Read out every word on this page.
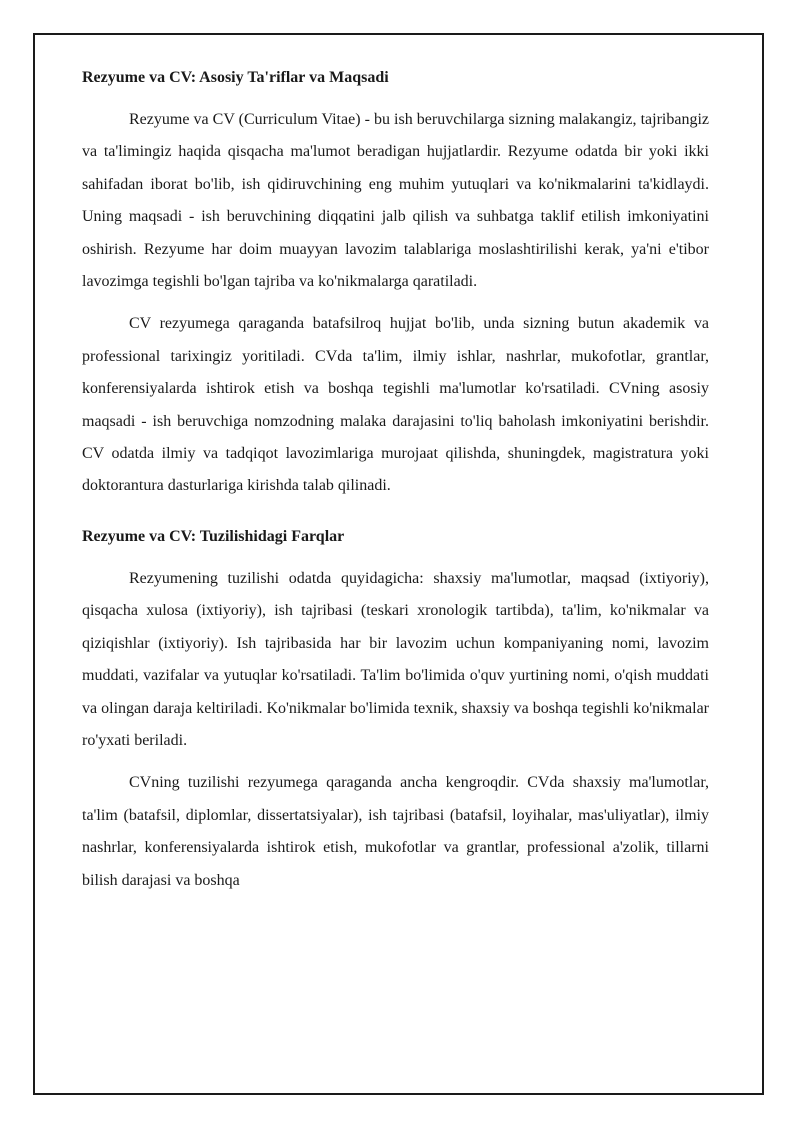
Rezyume va CV: Asosiy Ta'riflar va Maqsadi

Rezyume va CV (Curriculum Vitae) - bu ish beruvchilarga sizning malakangiz, tajribangiz va ta'limingiz haqida qisqacha ma'lumot beradigan hujjatlardir. Rezyume odatda bir yoki ikki sahifadan iborat bo'lib, ish qidiruvchining eng muhim yutuqlari va ko'nikmalarini ta'kidlaydi. Uning maqsadi - ish beruvchining diqqatini jalb qilish va suhbatga taklif etilish imkoniyatini oshirish. Rezyume har doim muayyan lavozim talablariga moslashtirilishi kerak, ya'ni e'tibor lavozimga tegishli bo'lgan tajriba va ko'nikmalarga qaratiladi.

CV rezyumega qaraganda batafsilroq hujjat bo'lib, unda sizning butun akademik va professional tarixingiz yoritiladi. CVda ta'lim, ilmiy ishlar, nashrlar, mukofotlar, grantlar, konferensiyalarda ishtirok etish va boshqa tegishli ma'lumotlar ko'rsatiladi. CVning asosiy maqsadi - ish beruvchiga nomzodning malaka darajasini to'liq baholash imkoniyatini berishdir. CV odatda ilmiy va tadqiqot lavozimlariga murojaat qilishda, shuningdek, magistratura yoki doktorantura dasturlariga kirishda talab qilinadi.

Rezyume va CV: Tuzilishidagi Farqlar

Rezyumening tuzilishi odatda quyidagicha: shaxsiy ma'lumotlar, maqsad (ixtiyoriy), qisqacha xulosa (ixtiyoriy), ish tajribasi (teskari xronologik tartibda), ta'lim, ko'nikmalar va qiziqishlar (ixtiyoriy). Ish tajribasida har bir lavozim uchun kompaniyaning nomi, lavozim muddati, vazifalar va yutuqlar ko'rsatiladi. Ta'lim bo'limida o'quv yurtining nomi, o'qish muddati va olingan daraja keltiriladi. Ko'nikmalar bo'limida texnik, shaxsiy va boshqa tegishli ko'nikmalar ro'yxati beriladi.

CVning tuzilishi rezyumega qaraganda ancha kengroqdir. CVda shaxsiy ma'lumotlar, ta'lim (batafsil, diplomlar, dissertatsiyalar), ish tajribasi (batafsil, loyihalar, mas'uliyatlar), ilmiy nashrlar, konferensiyalarda ishtirok etish, mukofotlar va grantlar, professional a'zolik, tillarni bilish darajasi va boshqa
